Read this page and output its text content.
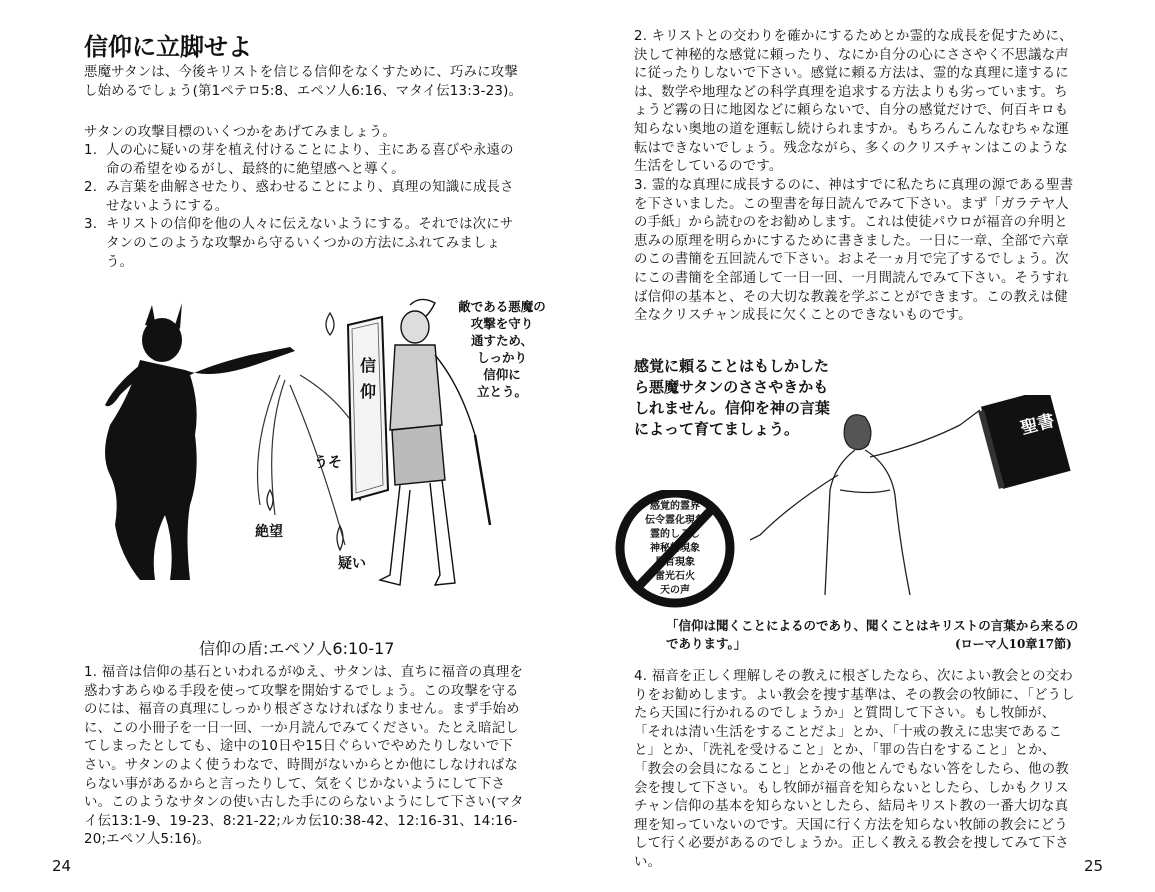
信仰に立脚せよ

悪魔サタンは、今後キリストを信じる信仰をなくすために、巧みに攻撃し始めるでしょう(第1ペテロ5:8、エペソ人6:16、マタイ伝13:3-23)。

サタンの攻撃目標のいくつかをあげてみましょう。

1. 人の心に疑いの芽を植え付けることにより、主にある喜びや永遠の命の希望をゆるがし、最終的に絶望感へと導く。
2. み言葉を曲解させたり、惑わせることにより、真理の知識に成長させないようにする。
3. キリストの信仰を他の人々に伝えないようにする。それでは次にサタンのこのような攻撃から守るいくつかの方法にふれてみましょう。
信
仰
敵である悪魔の
攻撃を守り
通すため、
しっかり
信仰に
立とう。
うそ
絶望
疑い
信仰の盾:エペソ人6:10-17

1. 福音は信仰の基石といわれるがゆえ、サタンは、直ちに福音の真理を惑わすあらゆる手段を使って攻撃を開始するでしょう。この攻撃を守るのには、福音の真理にしっかり根ざさなければなりません。まず手始めに、この小冊子を一日一回、一か月読んでみてください。たとえ暗記してしまったとしても、途中の10日や15日ぐらいでやめたりしないで下さい。サタンのよく使うわなで、時間がないからとか他にしなければならない事があるからと言ったりして、気をくじかないようにして下さい。このようなサタンの使い古した手にのらないようにして下さい(マタイ伝13:1-9、19-23、8:21-22;ルカ伝10:38-42、12:16-31、14:16-20;エペソ人5:16)。

24

2. キリストとの交わりを確かにするためとか霊的な成長を促すために、決して神秘的な感覚に頼ったり、なにか自分の心にささやく不思議な声に従ったりしないで下さい。感覚に頼る方法は、霊的な真理に達するには、数学や地理などの科学真理を追求する方法よりも劣っています。ちょうど霧の日に地図などに頼らないで、自分の感覚だけで、何百キロも知らない奥地の道を運転し続けられますか。もちろんこんなむちゃな運転はできないでしょう。残念ながら、多くのクリスチャンはこのような生活をしているのです。

3. 霊的な真理に成長するのに、神はすでに私たちに真理の源である聖書を下さいました。この聖書を毎日読んでみて下さい。まず「ガラテヤ人の手紙」から読むのをお勧めします。これは使徒パウロが福音の弁明と恵みの原理を明らかにするために書きました。一日に一章、全部で六章のこの書簡を五回読んで下さい。およそ一ヵ月で完了するでしょう。次にこの書簡を全部通して一日一回、一月間読んでみて下さい。そうすれば信仰の基本と、その大切な教義を学ぶことができます。この教えは健全なクリスチャン成長に欠くことのできないものです。

感覚に頼ることはもしかした
ら悪魔サタンのささやきかも
しれません。信仰を神の言葉
によって育てましょう。	聖書
感覚的霊界
伝令霊化現象
霊的しるし
神秘的現象
異言現象
雷光石火
天の声
「信仰は聞くことによるのであり、聞くことはキリストの言葉から来るのであります。」	(ローマ人10章17節)

4. 福音を正しく理解しその教えに根ざしたなら、次によい教会との交わりをお勧めします。よい教会を捜す基準は、その教会の牧師に、「どうしたら天国に行かれるのでしょうか」と質問して下さい。もし牧師が、「それは清い生活をすることだよ」とか、「十戒の教えに忠実であること」とか、「洗礼を受けること」とか、「罪の告白をすること」とか、「教会の会員になること」とかその他とんでもない答をしたら、他の教会を捜して下さい。もし牧師が福音を知らないとしたら、しかもクリスチャン信仰の基本を知らないとしたら、結局キリスト教の一番大切な真理を知っていないのです。天国に行く方法を知らない牧師の教会にどうして行く必要があるのでしょうか。正しく教える教会を捜してみて下さい。	25
